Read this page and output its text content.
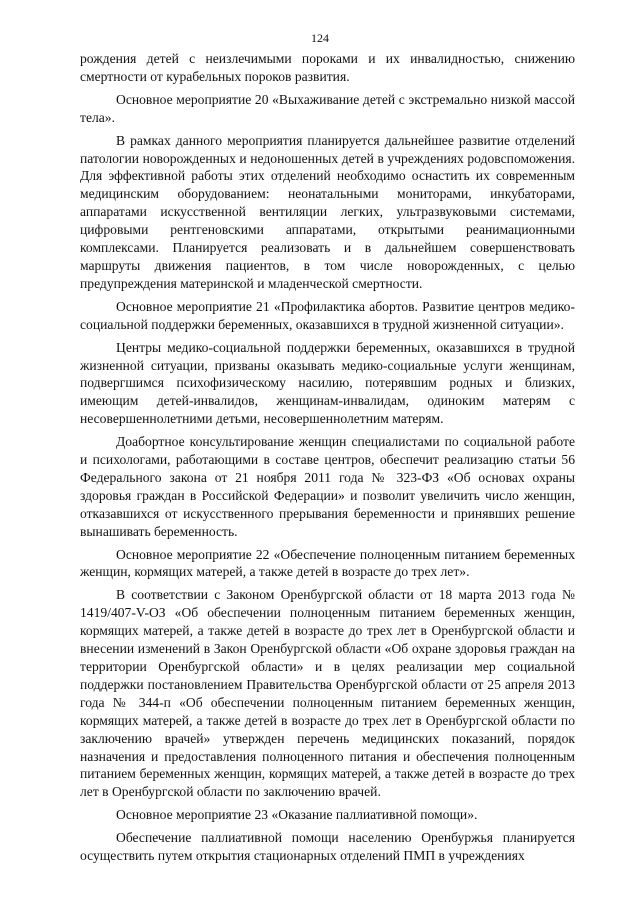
124

рождения детей с неизлечимыми пороками и их инвалидностью, снижению смертности от курабельных пороков развития.

Основное мероприятие 20 «Выхаживание детей с экстремально низкой массой тела».

В рамках данного мероприятия планируется дальнейшее развитие отделений патологии новорожденных и недоношенных детей в учреждениях родовспоможения. Для эффективной работы этих отделений необходимо оснастить их современным медицинским оборудованием: неонатальными мониторами, инкубаторами, аппаратами искусственной вентиляции легких, ультразвуковыми системами, цифровыми рентгеновскими аппаратами, открытыми реанимационными комплексами. Планируется реализовать и в дальнейшем совершенствовать маршруты движения пациентов, в том числе новорожденных, с целью предупреждения материнской и младенческой смертности.

Основное мероприятие 21 «Профилактика абортов. Развитие центров медико-социальной поддержки беременных, оказавшихся в трудной жизненной ситуации».

Центры медико-социальной поддержки беременных, оказавшихся в трудной жизненной ситуации, призваны оказывать медико-социальные услуги женщинам, подвергшимся психофизическому насилию, потерявшим родных и близких, имеющим детей-инвалидов, женщинам-инвалидам, одиноким матерям с несовершеннолетними детьми, несовершеннолетним матерям.

Доабортное консультирование женщин специалистами по социальной работе и психологами, работающими в составе центров, обеспечит реализацию статьи 56 Федерального закона от 21 ноября 2011 года № 323-ФЗ «Об основах охраны здоровья граждан в Российской Федерации» и позволит увеличить число женщин, отказавшихся от искусственного прерывания беременности и принявших решение вынашивать беременность.

Основное мероприятие 22 «Обеспечение полноценным питанием беременных женщин, кормящих матерей, а также детей в возрасте до трех лет».

В соответствии с Законом Оренбургской области от 18 марта 2013 года № 1419/407-V-ОЗ «Об обеспечении полноценным питанием беременных женщин, кормящих матерей, а также детей в возрасте до трех лет в Оренбургской области и внесении изменений в Закон Оренбургской области «Об охране здоровья граждан на территории Оренбургской области» и в целях реализации мер социальной поддержки постановлением Правительства Оренбургской области от 25 апреля 2013 года № 344-п «Об обеспечении полноценным питанием беременных женщин, кормящих матерей, а также детей в возрасте до трех лет в Оренбургской области по заключению врачей» утвержден перечень медицинских показаний, порядок назначения и предоставления полноценного питания и обеспечения полноценным питанием беременных женщин, кормящих матерей, а также детей в возрасте до трех лет в Оренбургской области по заключению врачей.

Основное мероприятие 23 «Оказание паллиативной помощи».

Обеспечение паллиативной помощи населению Оренбуржья планируется осуществить путем открытия стационарных отделений ПМП в учреждениях
